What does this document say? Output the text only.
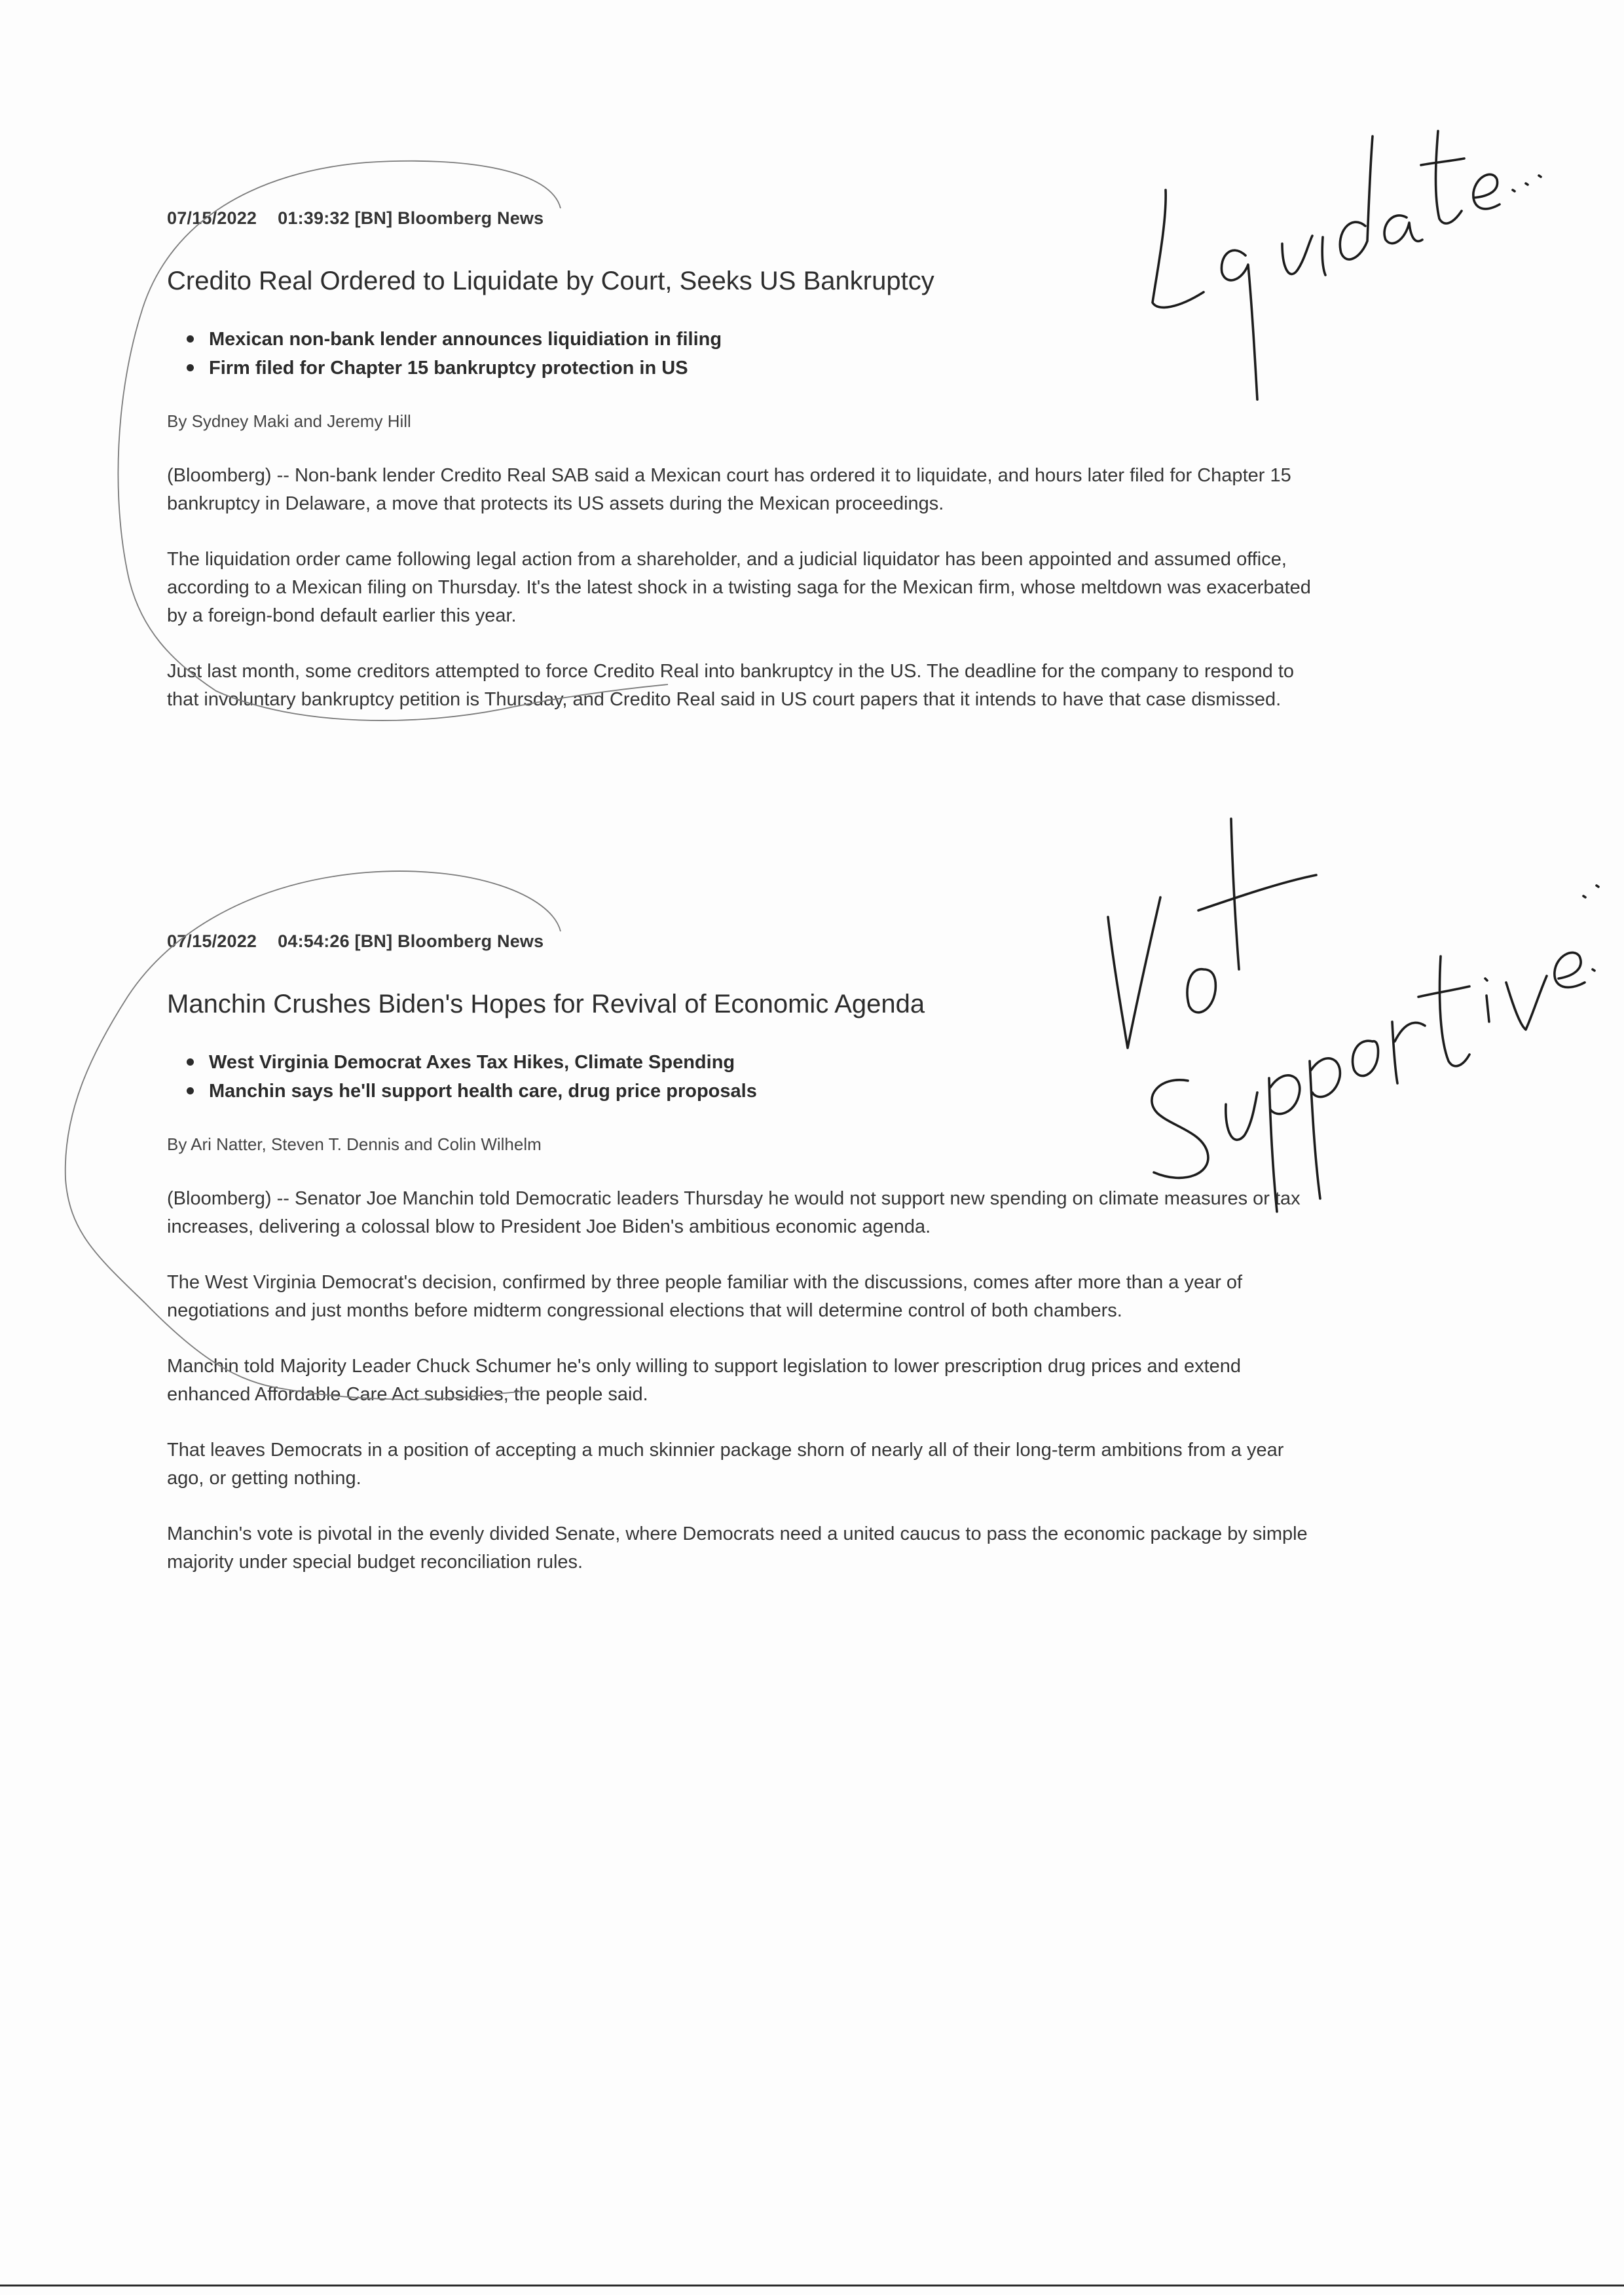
07/15/2022 01:39:32 [BN] Bloomberg News
Credito Real Ordered to Liquidate by Court, Seeks US Bankruptcy
Mexican non-bank lender announces liquidiation in filing
Firm filed for Chapter 15 bankruptcy protection in US
By Sydney Maki and Jeremy Hill

(Bloomberg) -- Non-bank lender Credito Real SAB said a Mexican court has ordered it to liquidate, and hours later filed for Chapter 15 bankruptcy in Delaware, a move that protects its US assets during the Mexican proceedings.

The liquidation order came following legal action from a shareholder, and a judicial liquidator has been appointed and assumed office, according to a Mexican filing on Thursday. It's the latest shock in a twisting saga for the Mexican firm, whose meltdown was exacerbated by a foreign-bond default earlier this year.

Just last month, some creditors attempted to force Credito Real into bankruptcy in the US. The deadline for the company to respond to that involuntary bankruptcy petition is Thursday, and Credito Real said in US court papers that it intends to have that case dismissed.

07/15/2022 04:54:26 [BN] Bloomberg News
Manchin Crushes Biden's Hopes for Revival of Economic Agenda
West Virginia Democrat Axes Tax Hikes, Climate Spending
Manchin says he'll support health care, drug price proposals
By Ari Natter, Steven T. Dennis and Colin Wilhelm

(Bloomberg) -- Senator Joe Manchin told Democratic leaders Thursday he would not support new spending on climate measures or tax increases, delivering a colossal blow to President Joe Biden's ambitious economic agenda.

The West Virginia Democrat's decision, confirmed by three people familiar with the discussions, comes after more than a year of negotiations and just months before midterm congressional elections that will determine control of both chambers.

Manchin told Majority Leader Chuck Schumer he's only willing to support legislation to lower prescription drug prices and extend enhanced Affordable Care Act subsidies, the people said.

That leaves Democrats in a position of accepting a much skinnier package shorn of nearly all of their long-term ambitions from a year ago, or getting nothing.

Manchin's vote is pivotal in the evenly divided Senate, where Democrats need a united caucus to pass the economic package by simple majority under special budget reconciliation rules.
